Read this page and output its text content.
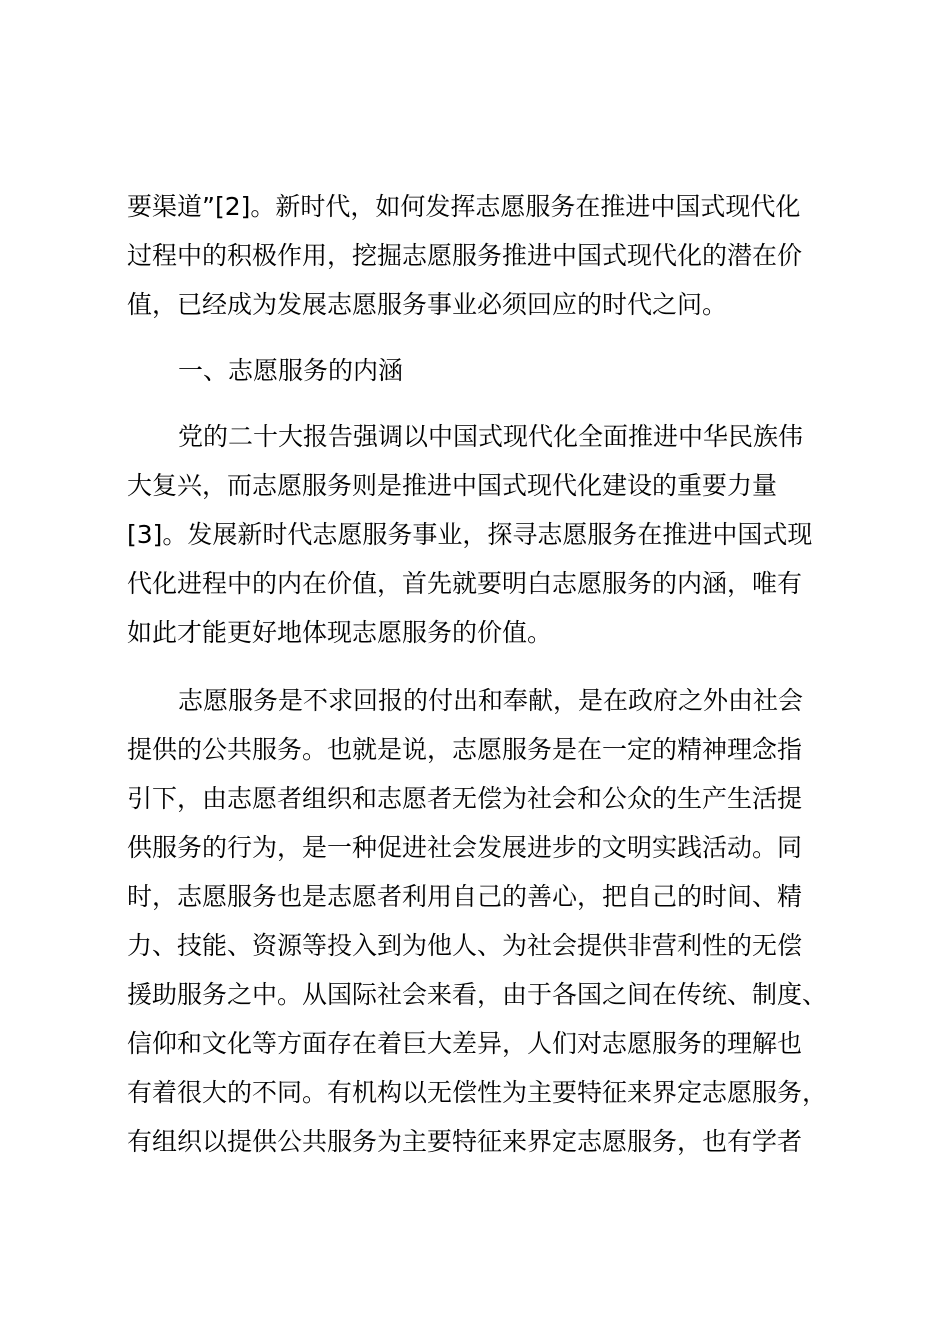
要渠道”[2]。新时代，如何发挥志愿服务在推进中国式现代化
过程中的积极作用，挖掘志愿服务推进中国式现代化的潜在价
值，已经成为发展志愿服务事业必须回应的时代之问。
一、志愿服务的内涵
党的二十大报告强调以中国式现代化全面推进中华民族伟
大复兴，而志愿服务则是推进中国式现代化建设的重要力量
[3]。发展新时代志愿服务事业，探寻志愿服务在推进中国式现
代化进程中的内在价值，首先就要明白志愿服务的内涵，唯有
如此才能更好地体现志愿服务的价值。
志愿服务是不求回报的付出和奉献，是在政府之外由社会
提供的公共服务。也就是说，志愿服务是在一定的精神理念指
引下，由志愿者组织和志愿者无偿为社会和公众的生产生活提
供服务的行为，是一种促进社会发展进步的文明实践活动。同
时，志愿服务也是志愿者利用自己的善心，把自己的时间、精
力、技能、资源等投入到为他人、为社会提供非营利性的无偿
援助服务之中。从国际社会来看，由于各国之间在传统、制度、
信仰和文化等方面存在着巨大差异，人们对志愿服务的理解也
有着很大的不同。有机构以无偿性为主要特征来界定志愿服务，
有组织以提供公共服务为主要特征来界定志愿服务，也有学者
